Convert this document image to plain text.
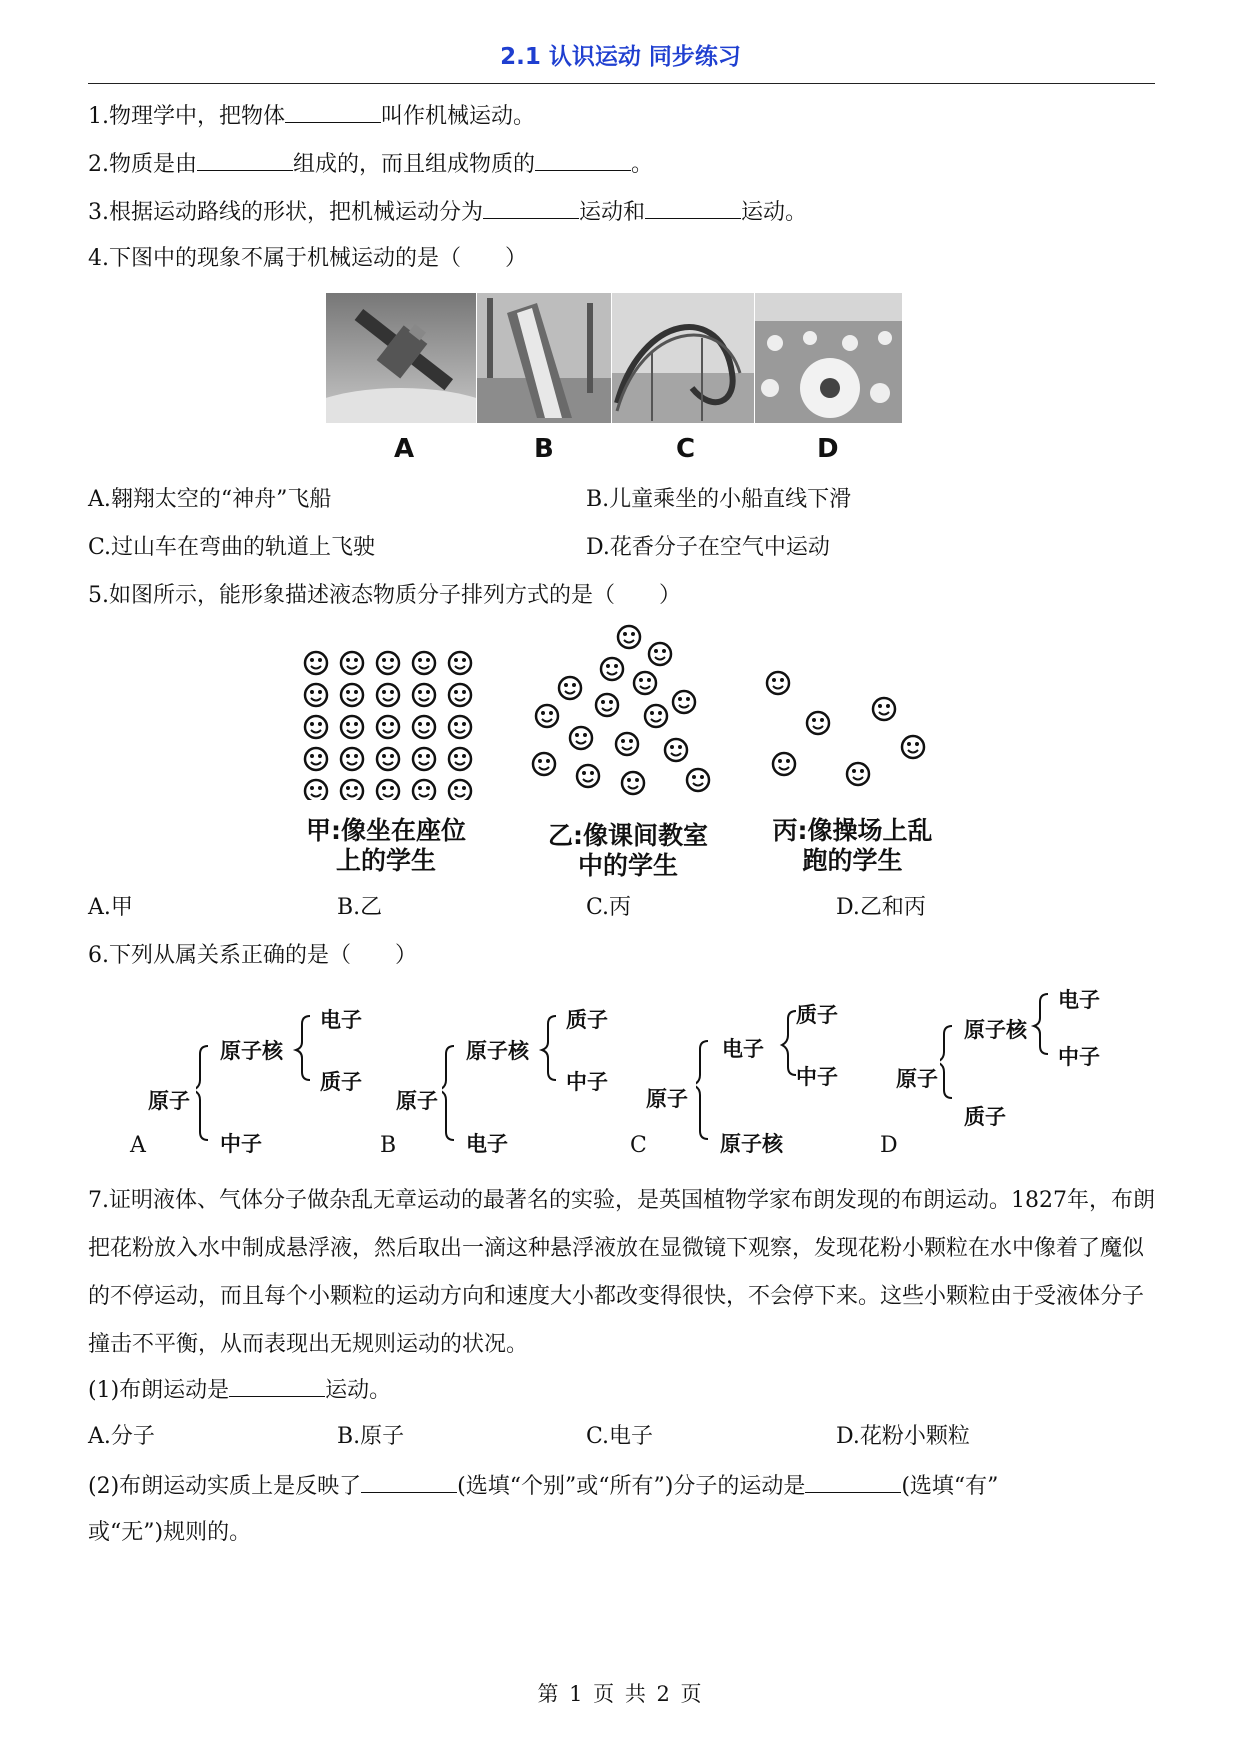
2.1 认识运动 同步练习
1.物理学中，把物体	叫作机械运动。
2.物质是由	组成的，而且组成物质的	。
3.根据运动路线的形状，把机械运动分为	运动和	运动。
4.下图中的现象不属于机械运动的是（　　）
A	B	C	D
A.翱翔太空的“神舟”飞船	B.儿童乘坐的小船直线下滑
C.过山车在弯曲的轨道上飞驶	D.花香分子在空气中运动
5.如图所示，能形象描述液态物质分子排列方式的是（　　）
甲:像坐在座位
上的学生
乙:像课间教室
中的学生
丙:像操场上乱
跑的学生
A.甲	B.乙	C.丙	D.乙和丙
6.下列从属关系正确的是（　　）
原子
原子核
电子
质子
中子
A
原子
原子核
质子
中子
电子
B
原子
电子
质子
中子
原子核
C
原子
原子核
电子
中子
质子
D
7.证明液体、气体分子做杂乱无章运动的最著名的实验，是英国植物学家布朗发现的布朗运动。1827年，布朗把花粉放入水中制成悬浮液，然后取出一滴这种悬浮液放在显微镜下观察，发现花粉小颗粒在水中像着了魔似的不停运动，而且每个小颗粒的运动方向和速度大小都改变得很快，不会停下来。这些小颗粒由于受液体分子撞击不平衡，从而表现出无规则运动的状况。
(1)布朗运动是	运动。
A.分子	B.原子	C.电子	D.花粉小颗粒
(2)布朗运动实质上是反映了	(选填“个别”或“所有”)分子的运动是	(选填“有”
或“无”)规则的。
第 1 页 共 2 页
